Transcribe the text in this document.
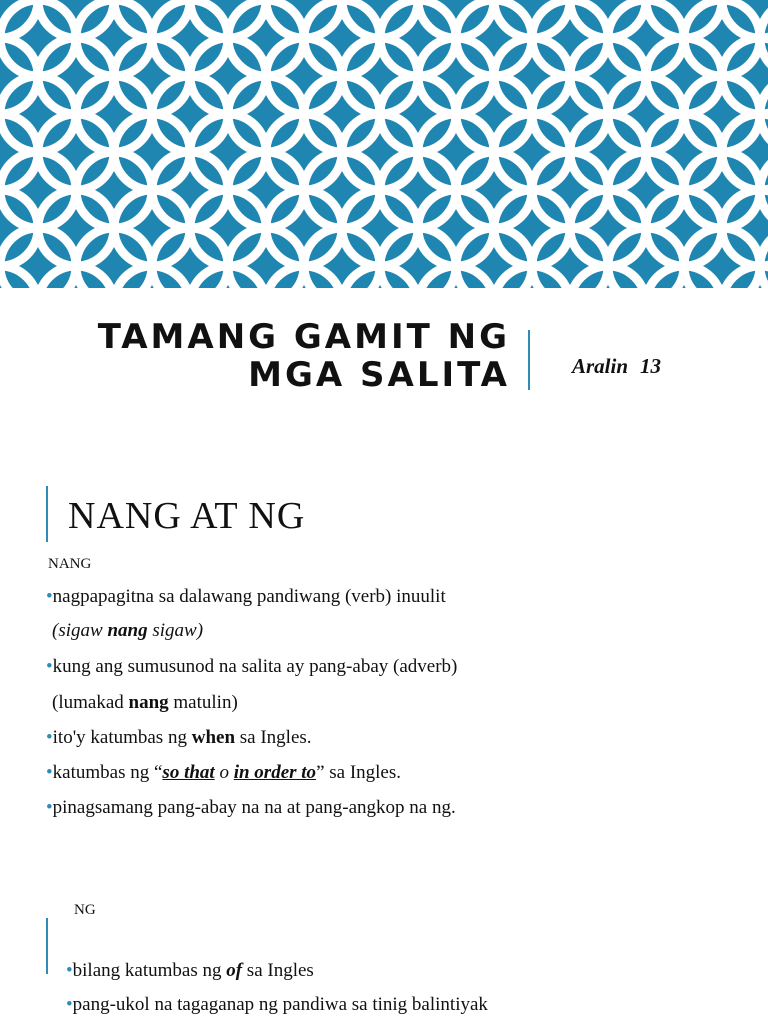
TAMANG GAMIT NG
MGA SALITA	Aralin 13
NANG AT NG
NANG
•nagpapagitna sa dalawang pandiwang (verb) inuulit
(sigaw nang sigaw)
•kung ang sumusunod na salita ay pang-abay (adverb)
(lumakad nang matulin)
•ito'y katumbas ng when sa Ingles.
•katumbas ng “so that o in order to” sa Ingles.
•pinagsamang pang-abay na na at pang-angkop na ng.
NG
•bilang katumbas ng of sa Ingles
•pang-ukol na tagaganap ng pandiwa sa tinig balintiyak
